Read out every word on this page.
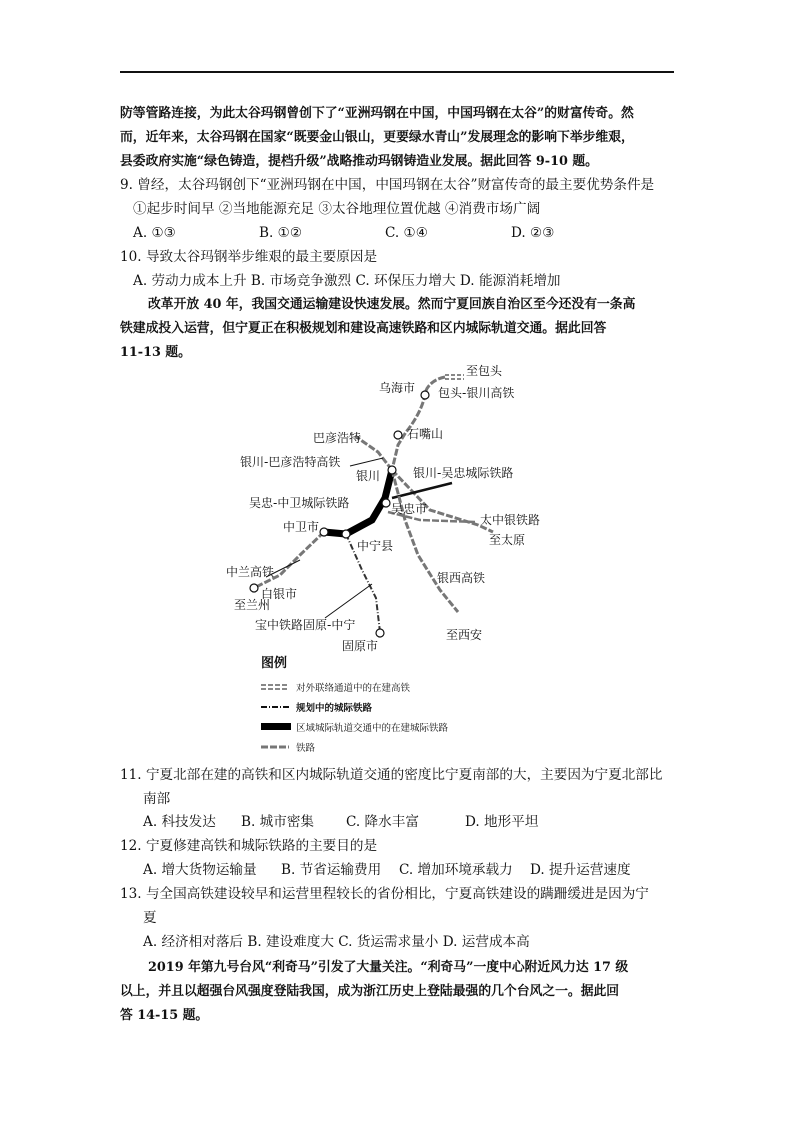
防等管路连接，为此太谷玛钢曾创下了“亚洲玛钢在中国，中国玛钢在太谷”的财富传奇。然
而，近年来，太谷玛钢在国家“既要金山银山，更要绿水青山”发展理念的影响下举步维艰，
县委政府实施“绿色铸造，提档升级”战略推动玛钢铸造业发展。据此回答 9-10 题。
9. 曾经，太谷玛钢创下“亚洲玛钢在中国，中国玛钢在太谷”财富传奇的最主要优势条件是
①起步时间早 ②当地能源充足 ③太谷地理位置优越 ④消费市场广阔
A. ①③	B. ①②	C. ①④	D. ②③
10. 导致太谷玛钢举步维艰的最主要原因是
A. 劳动力成本上升 B. 市场竞争激烈 C. 环保压力增大 D. 能源消耗增加
改革开放 40 年，我国交通运输建设快速发展。然而宁夏回族自治区至今还没有一条高
铁建成投入运营，但宁夏正在积极规划和建设高速铁路和区内城际轨道交通。据此回答
11-13 题。
至包头
乌海市 包头-银川高铁
巴彦浩特	石嘴山
银川-巴彦浩特高铁
银川	银川-吴忠城际铁路
吴忠-中卫城际铁路	吴忠市
太中银铁路
中卫市
至太原
中宁县
中兰高铁	银西高铁
白银市
至兰州
宝中铁路固原-中宁
至西安
固原市
图例
对外联络通道中的在建高铁
规划中的城际铁路
区域城际轨道交通中的在建城际铁路
铁路
11. 宁夏北部在建的高铁和区内城际轨道交通的密度比宁夏南部的大，主要因为宁夏北部比
南部
A. 科技发达 B. 城市密集 C. 降水丰富	D. 地形平坦
12. 宁夏修建高铁和城际铁路的主要目的是
A. 增大货物运输量 B. 节省运输费用 C. 增加环境承载力 D. 提升运营速度
13. 与全国高铁建设较早和运营里程较长的省份相比，宁夏高铁建设的蹒跚缓进是因为宁
夏
A. 经济相对落后 B. 建设难度大 C. 货运需求量小 D. 运营成本高
2019 年第九号台风“利奇马”引发了大量关注。“利奇马”一度中心附近风力达 17 级
以上，并且以超强台风强度登陆我国，成为浙江历史上登陆最强的几个台风之一。据此回
答 14-15 题。
